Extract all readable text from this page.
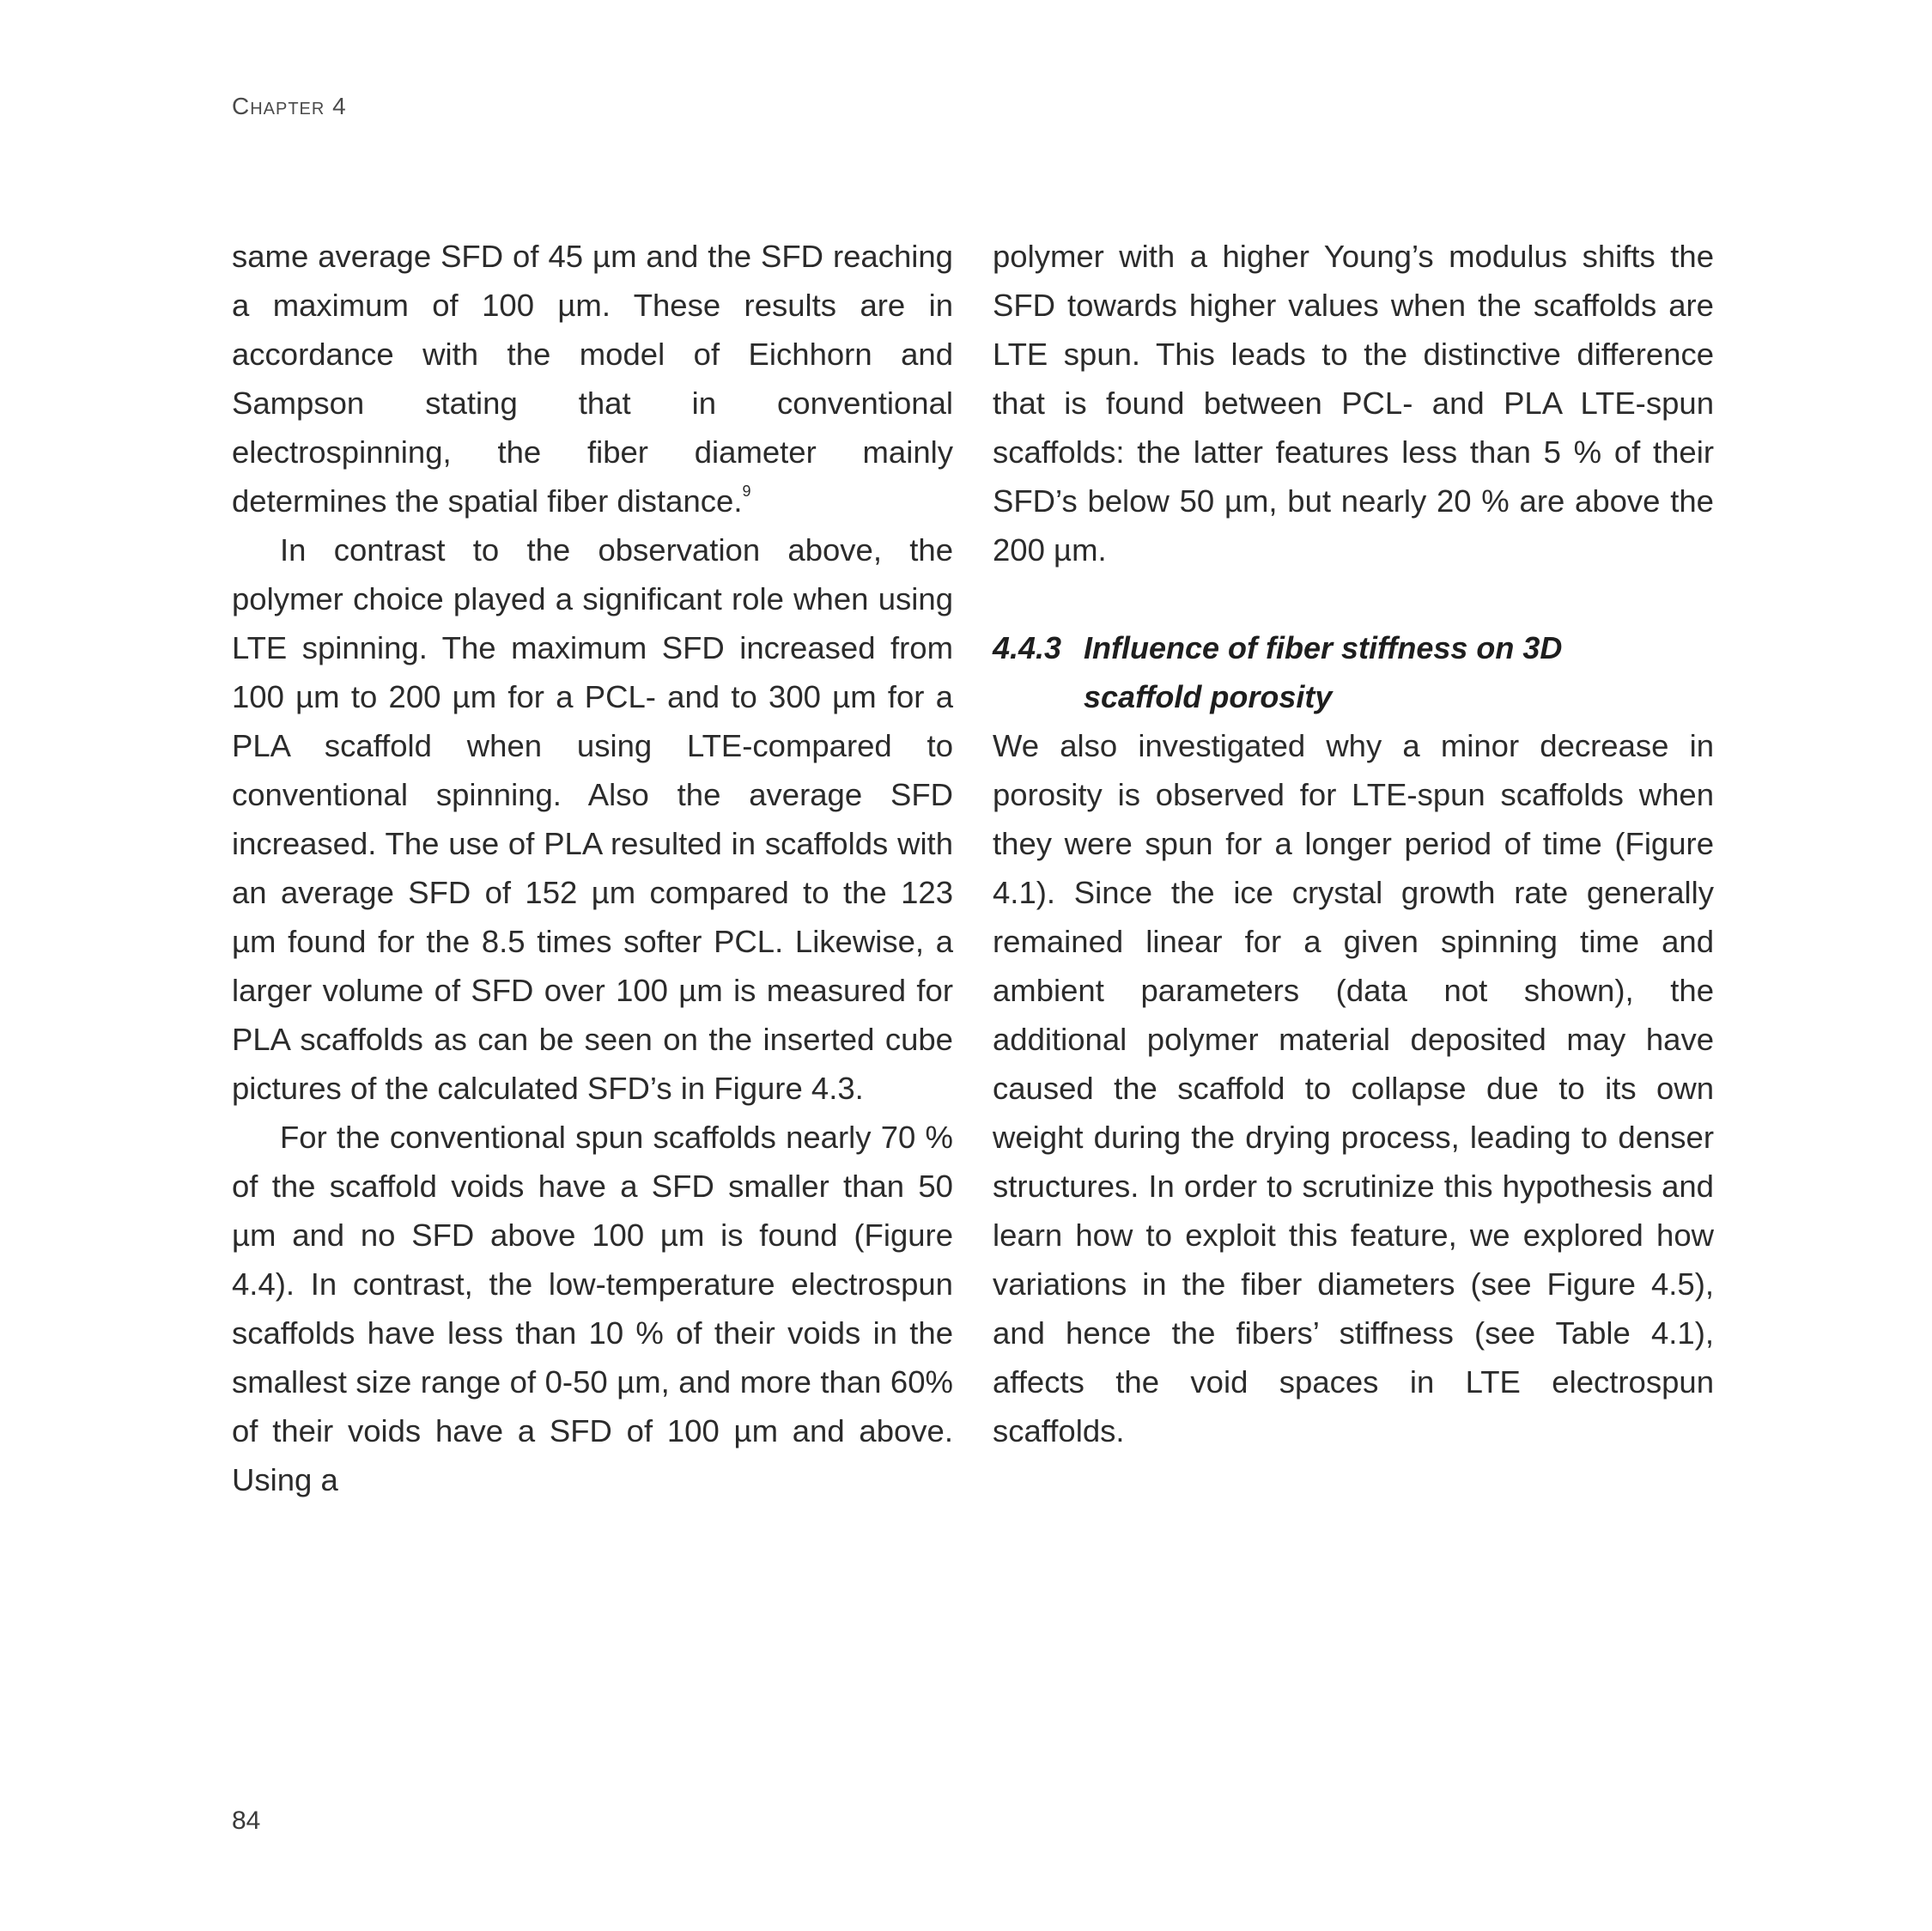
Chapter 4

same average SFD of 45 µm and the SFD reaching a maximum of 100 µm. These results are in accordance with the model of Eichhorn and Sampson stating that in conventional electrospinning, the fiber diameter mainly determines the spatial fiber distance.$^9$

In contrast to the observation above, the polymer choice played a significant role when using LTE spinning. The maximum SFD increased from 100 µm to 200 µm for a PCL- and to 300 µm for a PLA scaffold when using LTE-compared to conventional spinning. Also the average SFD increased. The use of PLA resulted in scaffolds with an average SFD of 152 µm compared to the 123 µm found for the 8.5 times softer PCL. Likewise, a larger volume of SFD over 100 µm is measured for PLA scaffolds as can be seen on the inserted cube pictures of the calculated SFD’s in Figure 4.3.

For the conventional spun scaffolds nearly 70 % of the scaffold voids have a SFD smaller than 50 µm and no SFD above 100 µm is found (Figure 4.4). In contrast, the low-temperature electrospun scaffolds have less than 10 % of their voids in the smallest size range of 0-50 µm, and more than 60% of their voids have a SFD of 100 µm and above. Using a

polymer with a higher Young’s modulus shifts the SFD towards higher values when the scaffolds are LTE spun. This leads to the distinctive difference that is found between PCL- and PLA LTE-spun scaffolds: the latter features less than 5 % of their SFD’s below 50 µm, but nearly 20 % are above the 200 µm.

4.4.3 Influence of fiber stiffness on 3D scaffold porosity

We also investigated why a minor decrease in porosity is observed for LTE-spun scaffolds when they were spun for a longer period of time (Figure 4.1). Since the ice crystal growth rate generally remained linear for a given spinning time and ambient parameters (data not shown), the additional polymer material deposited may have caused the scaffold to collapse due to its own weight during the drying process, leading to denser structures. In order to scrutinize this hypothesis and learn how to exploit this feature, we explored how variations in the fiber diameters (see Figure 4.5), and hence the fibers’ stiffness (see Table 4.1), affects the void spaces in LTE electrospun scaffolds.

84
